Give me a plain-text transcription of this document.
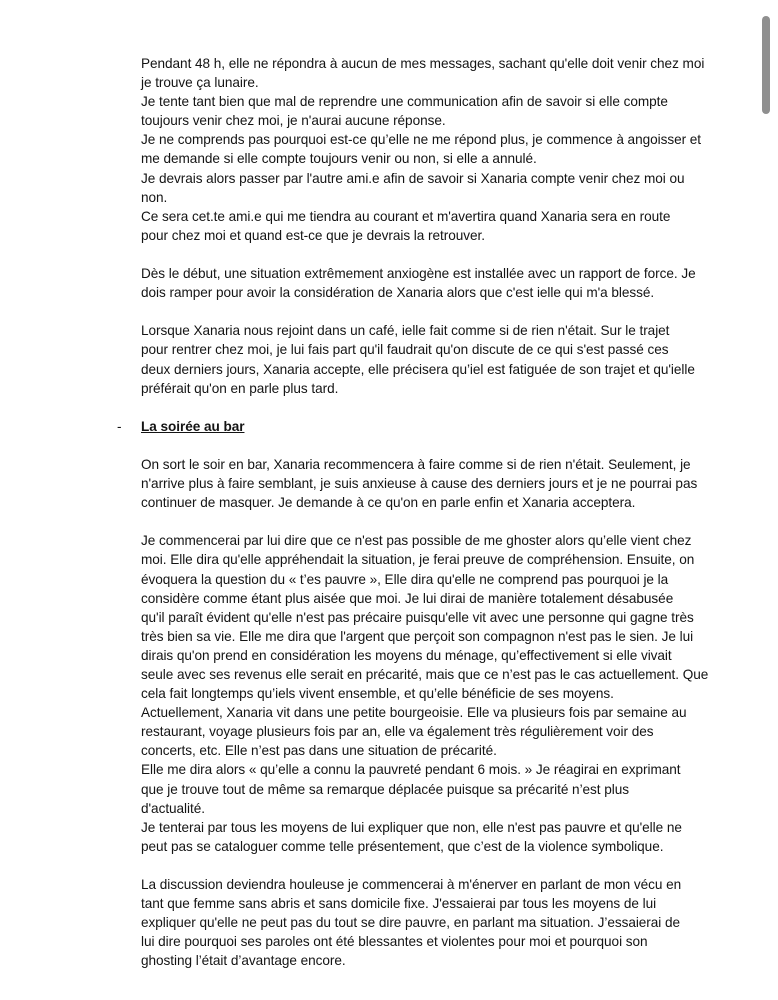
Pendant 48 h, elle ne répondra à aucun de mes messages, sachant qu'elle doit venir chez moi
je trouve ça lunaire.
Je tente tant bien que mal de reprendre une communication afin de savoir si elle compte
toujours venir chez moi, je n'aurai aucune réponse.
Je ne comprends pas pourquoi est-ce qu’elle ne me répond plus, je commence à angoisser et
me demande si elle compte toujours venir ou non, si elle a annulé.
Je devrais alors passer par l'autre ami.e afin de savoir si Xanaria compte venir chez moi ou
non.
Ce sera cet.te ami.e qui me tiendra au courant et m'avertira quand Xanaria sera en route
pour chez moi et quand est-ce que je devrais la retrouver.
Dès le début, une situation extrêmement anxiogène est installée avec un rapport de force. Je
dois ramper pour avoir la considération de Xanaria alors que c'est ielle qui m'a blessé.
Lorsque Xanaria nous rejoint dans un café, ielle fait comme si de rien n'était. Sur le trajet
pour rentrer chez moi, je lui fais part qu'il faudrait qu'on discute de ce qui s'est passé ces
deux derniers jours, Xanaria accepte, elle précisera qu’iel est fatiguée de son trajet et qu'ielle
préférait qu'on en parle plus tard.
- La soirée au bar
On sort le soir en bar, Xanaria recommencera à faire comme si de rien n'était. Seulement, je
n'arrive plus à faire semblant, je suis anxieuse à cause des derniers jours et je ne pourrai pas
continuer de masquer. Je demande à ce qu'on en parle enfin et Xanaria acceptera.
Je commencerai par lui dire que ce n'est pas possible de me ghoster alors qu’elle vient chez
moi. Elle dira qu'elle appréhendait la situation, je ferai preuve de compréhension. Ensuite, on
évoquera la question du « t’es pauvre », Elle dira qu'elle ne comprend pas pourquoi je la
considère comme étant plus aisée que moi. Je lui dirai de manière totalement désabusée
qu'il paraît évident qu'elle n'est pas précaire puisqu'elle vit avec une personne qui gagne très
très bien sa vie. Elle me dira que l'argent que perçoit son compagnon n'est pas le sien. Je lui
dirais qu'on prend en considération les moyens du ménage, qu’effectivement si elle vivait
seule avec ses revenus elle serait en précarité, mais que ce n’est pas le cas actuellement. Que
cela fait longtemps qu’iels vivent ensemble, et qu’elle bénéficie de ses moyens.
Actuellement, Xanaria vit dans une petite bourgeoisie. Elle va plusieurs fois par semaine au
restaurant, voyage plusieurs fois par an, elle va également très régulièrement voir des
concerts, etc. Elle n’est pas dans une situation de précarité.
Elle me dira alors « qu’elle a connu la pauvreté pendant 6 mois. » Je réagirai en exprimant
que je trouve tout de même sa remarque déplacée puisque sa précarité n’est plus
d'actualité.
Je tenterai par tous les moyens de lui expliquer que non, elle n'est pas pauvre et qu'elle ne
peut pas se cataloguer comme telle présentement, que c’est de la violence symbolique.
La discussion deviendra houleuse je commencerai à m'énerver en parlant de mon vécu en
tant que femme sans abris et sans domicile fixe. J'essaierai par tous les moyens de lui
expliquer qu'elle ne peut pas du tout se dire pauvre, en parlant ma situation. J’essaierai de
lui dire pourquoi ses paroles ont été blessantes et violentes pour moi et pourquoi son
ghosting l’était d’avantage encore.
